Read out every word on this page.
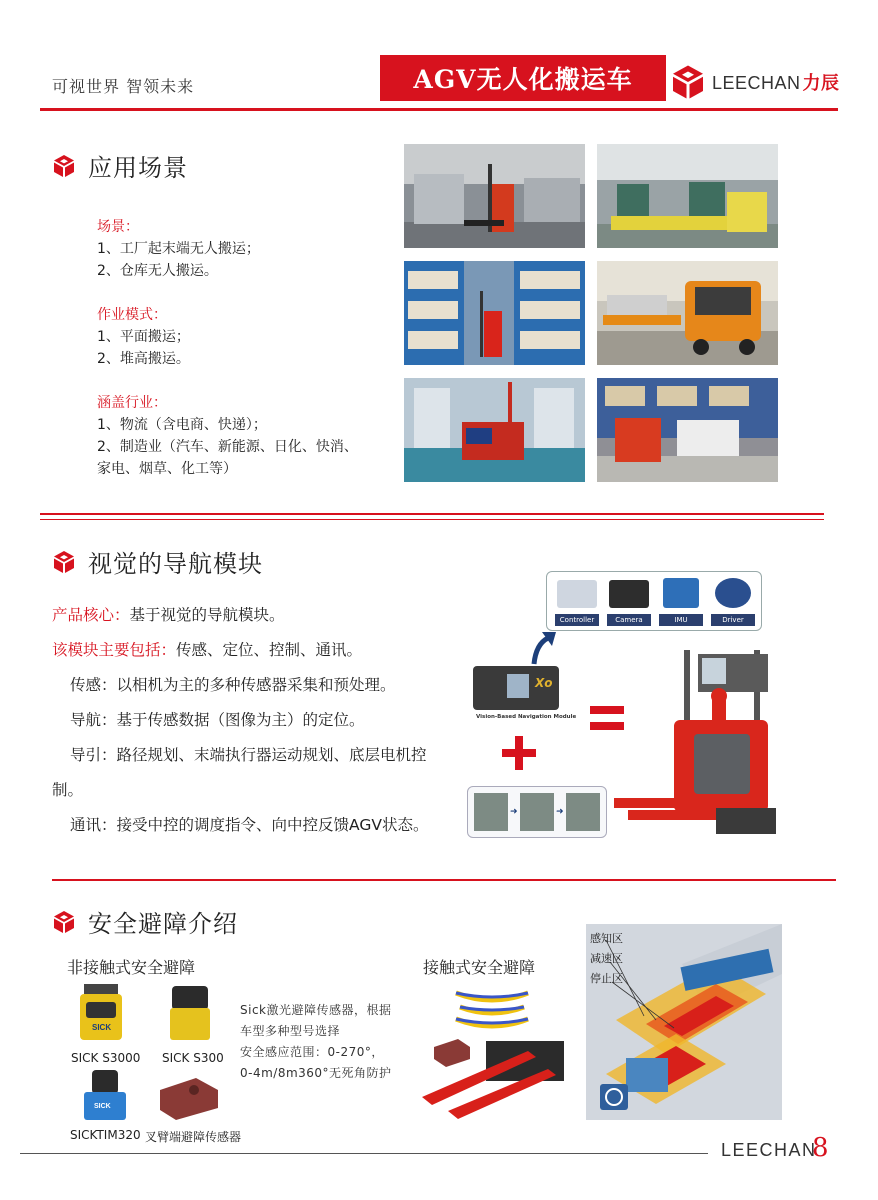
可视世界 智领未来	AGV无人化搬运车	LEECHAN 力辰
应用场景
场景：
1、工厂起末端无人搬运；
2、仓库无人搬运。
作业模式：
1、平面搬运；
2、堆高搬运。
涵盖行业：
1、物流（含电商、快递）；
2、制造业（汽车、新能源、日化、快消、
家电、烟草、化工等）
视觉的导航模块
产品核心：基于视觉的导航模块。
该模块主要包括：传感、定位、控制、通讯。
传感：以相机为主的多种传感器采集和预处理。
导航：基于传感数据（图像为主）的定位。
导引：路径规划、末端执行器运动规划、底层电机控
制。
通讯：接受中控的调度指令、向中控反馈AGV状态。
Controller	Camera	IMU	Driver
Xo
Vision-Based Navigation Module
➜	➜
安全避障介绍
非接触式安全避障	接触式安全避障
SICK
SICK S3000 SICK S300
SICK
SICKTIM320 叉臂端避障传感器
Sick激光避障传感器，根据
车型多种型号选择
安全感应范围：0-270°，
0-4m/8m360°无死角防护
感知区
减速区
停止区
LEECHAN
8
